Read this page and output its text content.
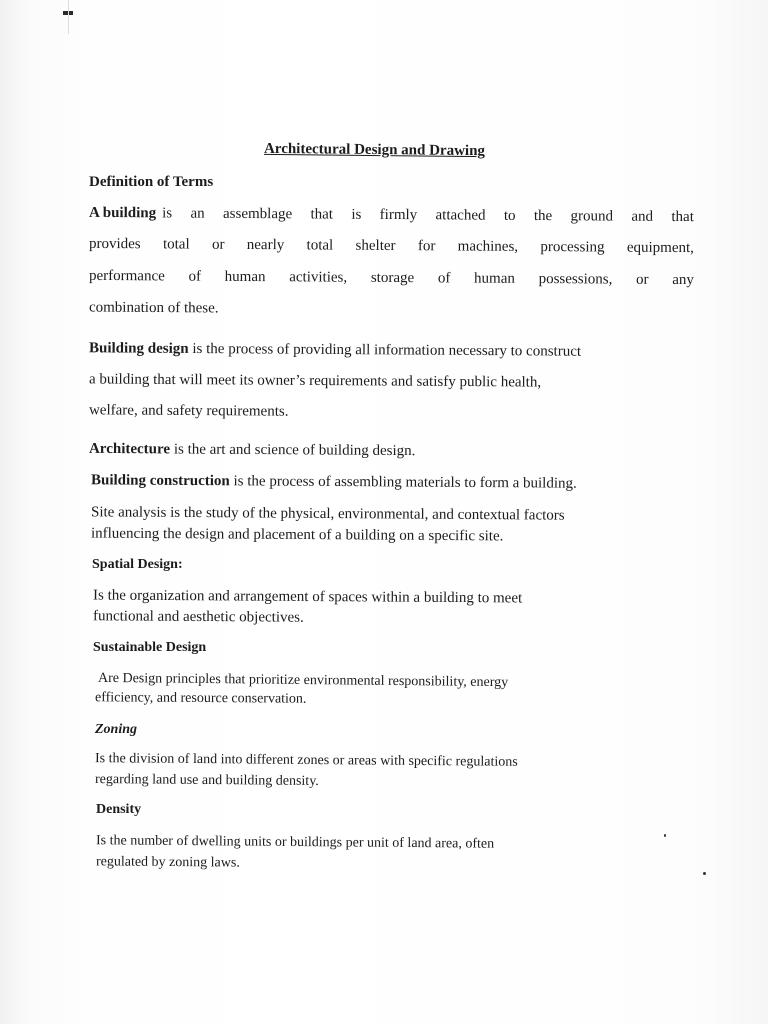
Architectural Design and Drawing
Definition of Terms
A building is an assemblage that is firmly attached to the ground and that
provides total or nearly total shelter for machines, processing equipment,
performance of human activities, storage of human possessions, or any
combination of these.
Building design is the process of providing all information necessary to construct
a building that will meet its owner’s requirements and satisfy public health,
welfare, and safety requirements.
Architecture is the art and science of building design.
Building construction is the process of assembling materials to form a building.
Site analysis is the study of the physical, environmental, and contextual factors
influencing the design and placement of a building on a specific site.
Spatial Design:
Is the organization and arrangement of spaces within a building to meet
functional and aesthetic objectives.
Sustainable Design
Are Design principles that prioritize environmental responsibility, energy
efficiency, and resource conservation.
Zoning
Is the division of land into different zones or areas with specific regulations
regarding land use and building density.
Density
Is the number of dwelling units or buildings per unit of land area, often
regulated by zoning laws.
